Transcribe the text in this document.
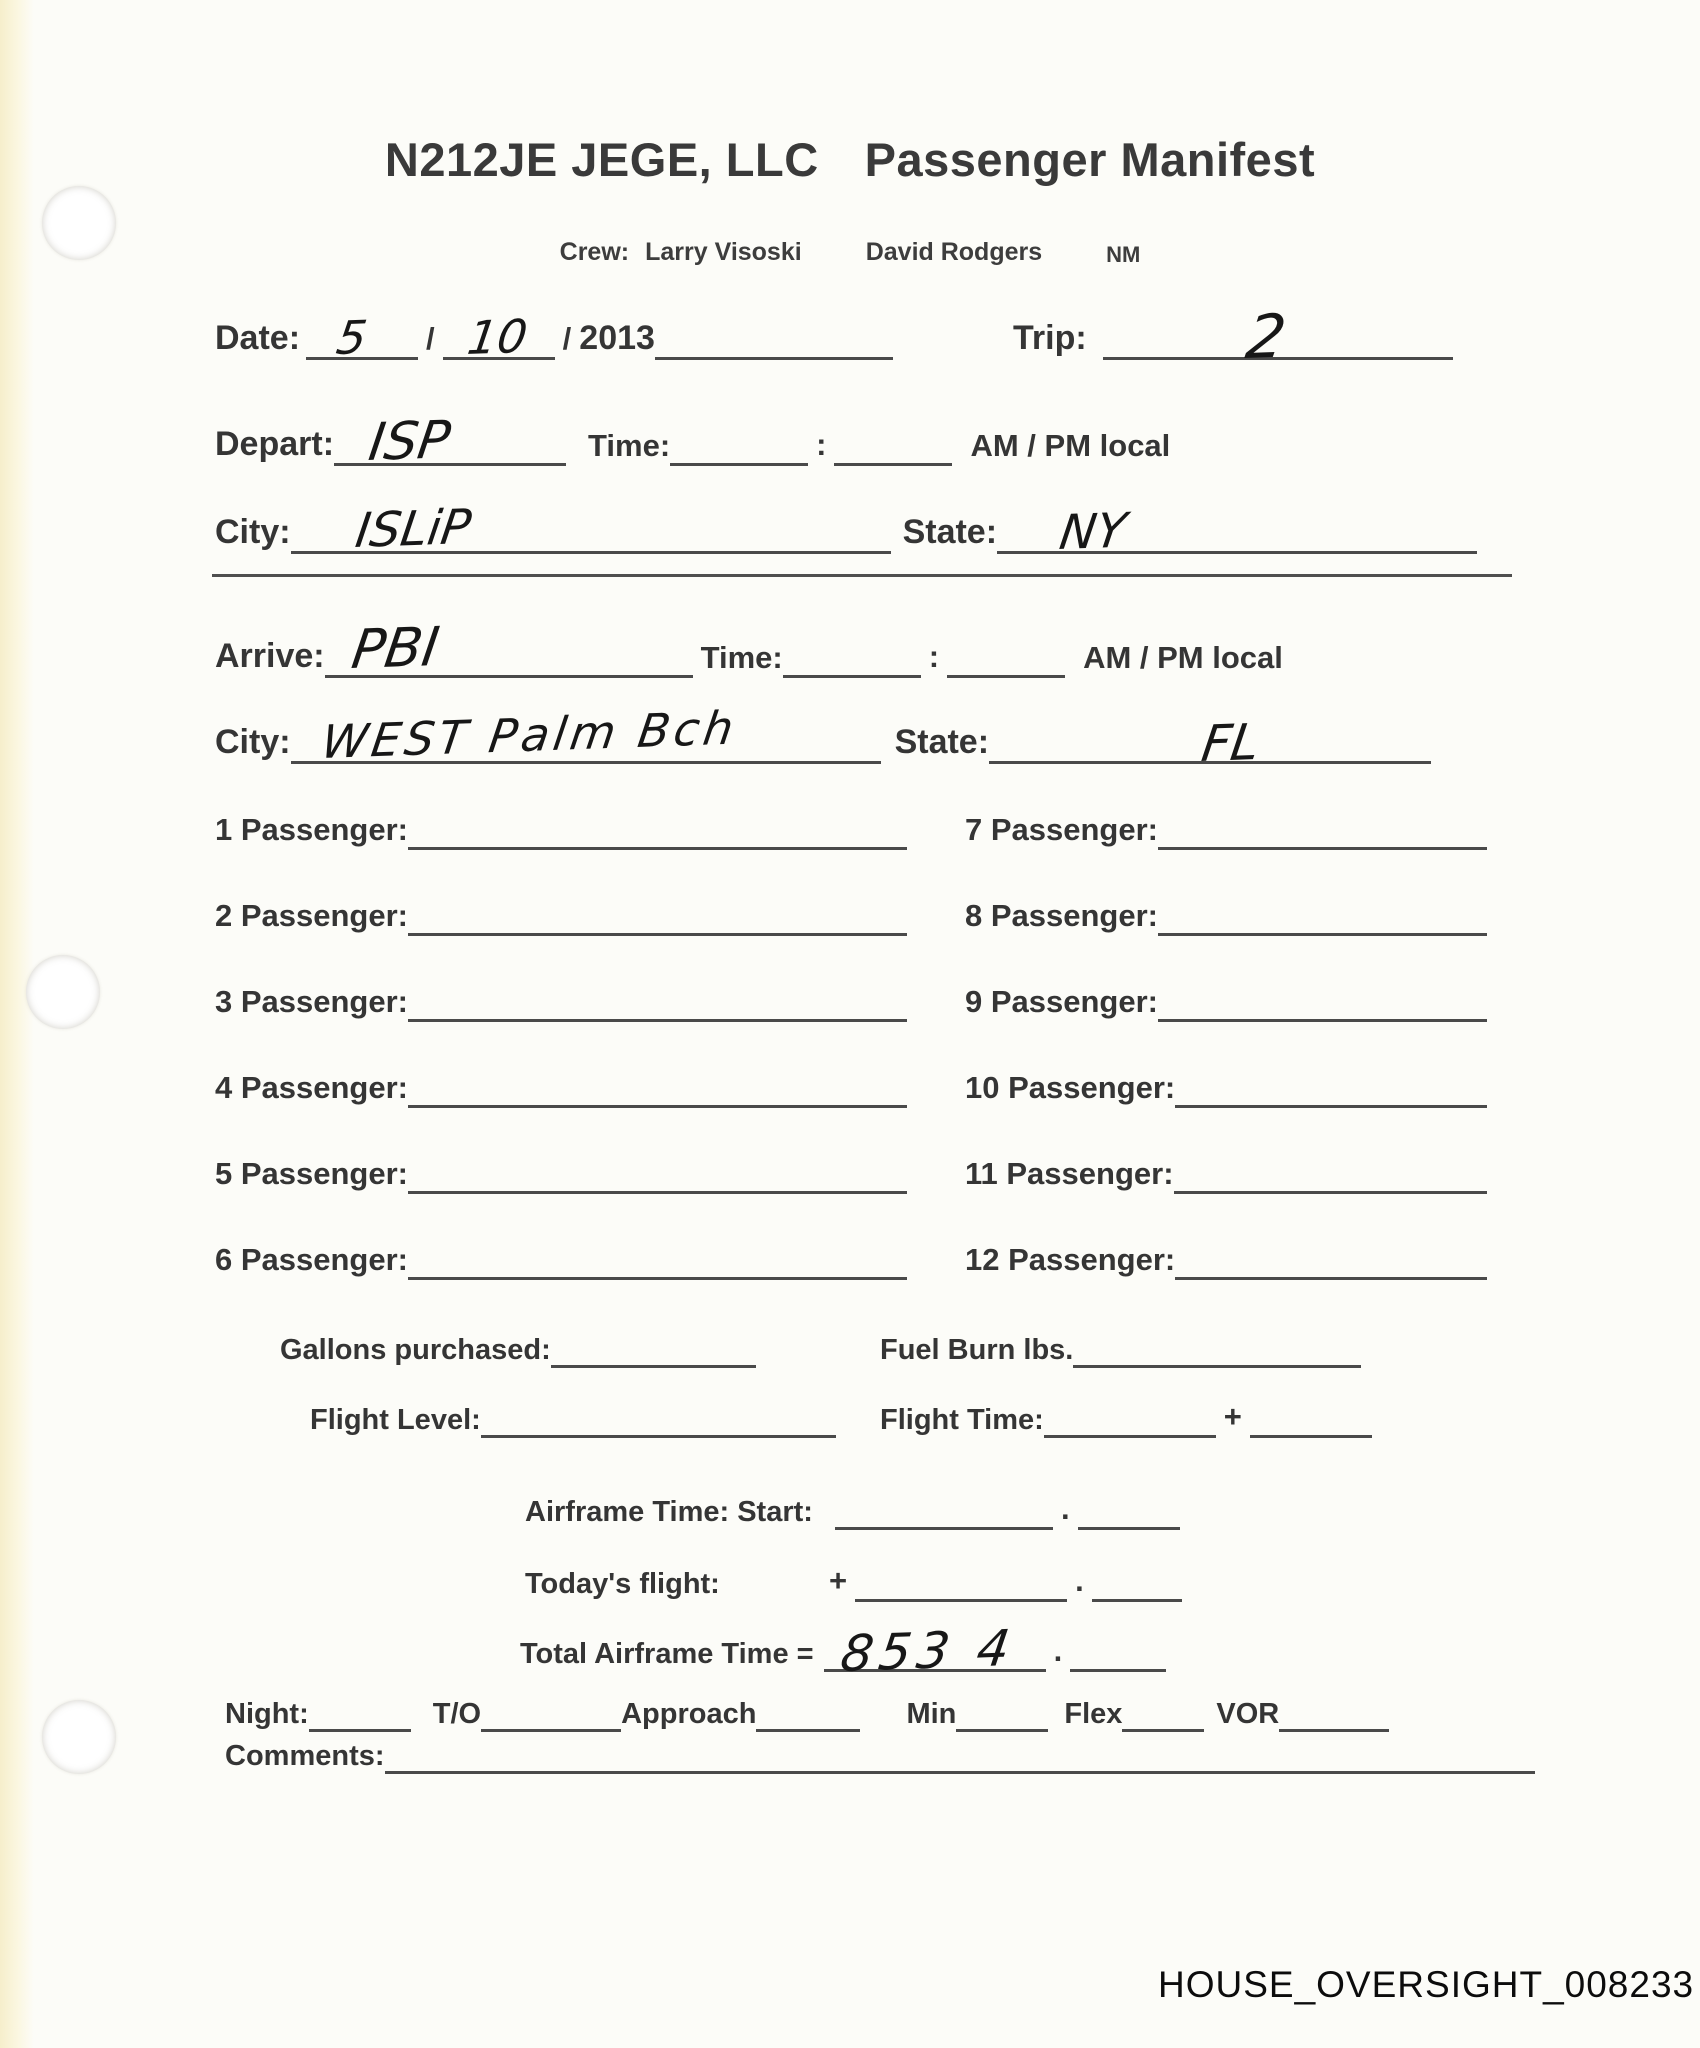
N212JE JEGE, LLC Passenger Manifest
Crew: Larry Visoski	David Rodgers	NM
Date: 5 / 10 / 2013	Trip:	2
Depart: ISP	Time:	:	AM / PM local
City: ISLiP	State: NY
Arrive: PBI	Time:	:	AM / PM local
City: WEST Palm Bch	State:	FL
1 Passenger:
2 Passenger:
3 Passenger:
4 Passenger:
5 Passenger:
6 Passenger:
7 Passenger:
8 Passenger:
9 Passenger:
10 Passenger:
11 Passenger:
12 Passenger:
Gallons purchased:	Fuel Burn lbs.
Flight Level:	Flight Time:	+
Airframe Time: Start:	.
Today's flight:	+	.
Total Airframe Time = 853 4 .
Night:	T/O	Approach	Min	Flex	VOR
Comments:
HOUSE_OVERSIGHT_008233
